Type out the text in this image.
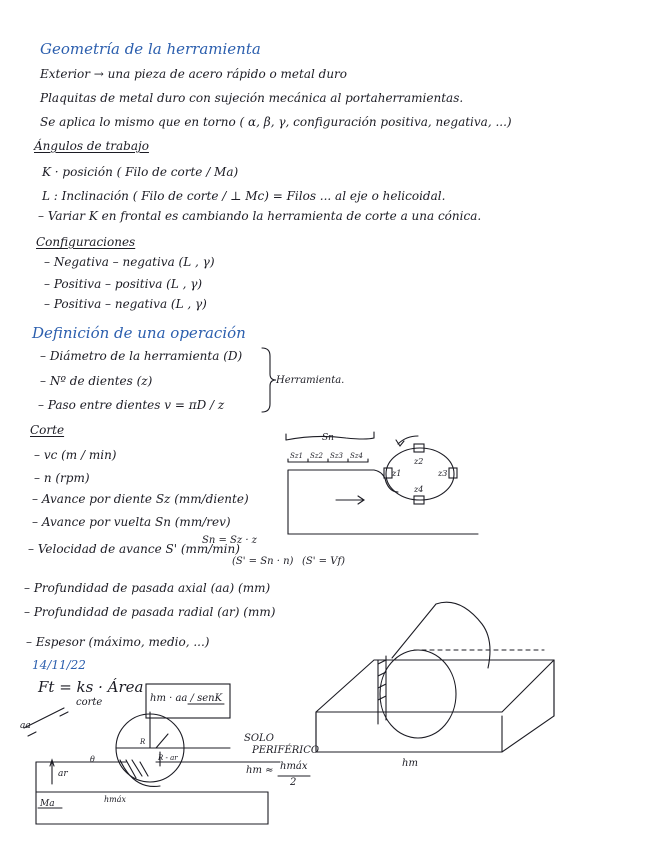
Geometría de la herramienta
Exterior → una pieza de acero rápido o metal duro
Plaquitas de metal duro con sujeción mecánica al portaherramientas.
Se aplica lo mismo que en torno ( α, β, γ, configuración positiva, negativa, ...)
Ángulos de trabajo
K · posición ( Filo de corte / Ma)
L : Inclinación ( Filo de corte / ⊥ Mc) = Filos ... al eje o helicoidal.
– Variar K en frontal es cambiando la herramienta de corte a una cónica.
Configuraciones
– Negativa – negativa (L , γ)
– Positiva – positiva (L , γ)
– Positiva – negativa (L , γ)
Definición de una operación
– Diámetro de la herramienta (D)
– Nº de dientes (z)
– Paso entre dientes v = πD / z
Herramienta.
Corte
– vc (m / min)
– n (rpm)
– Avance por diente Sz (mm/diente)
– Avance por vuelta Sn (mm/rev)
– Velocidad de avance S' (mm/min)
Sn = Sz · z
(S' = Sn · n) (S' = Vf)
– Profundidad de pasada axial (aa) (mm)
– Profundidad de pasada radial (ar) (mm)
– Espesor (máximo, medio, ...)
14/11/22
Ft = ks · Área
corte	hm · aa / senK
SOLO
PERIFÉRICO
hm ≈ hmáx
2
Sn
Sz1 Sz2 Sz3 Sz4
z1
z2
z3
z4
aa
ar
θ
hmáx
R - ar
R
Ma
hm
